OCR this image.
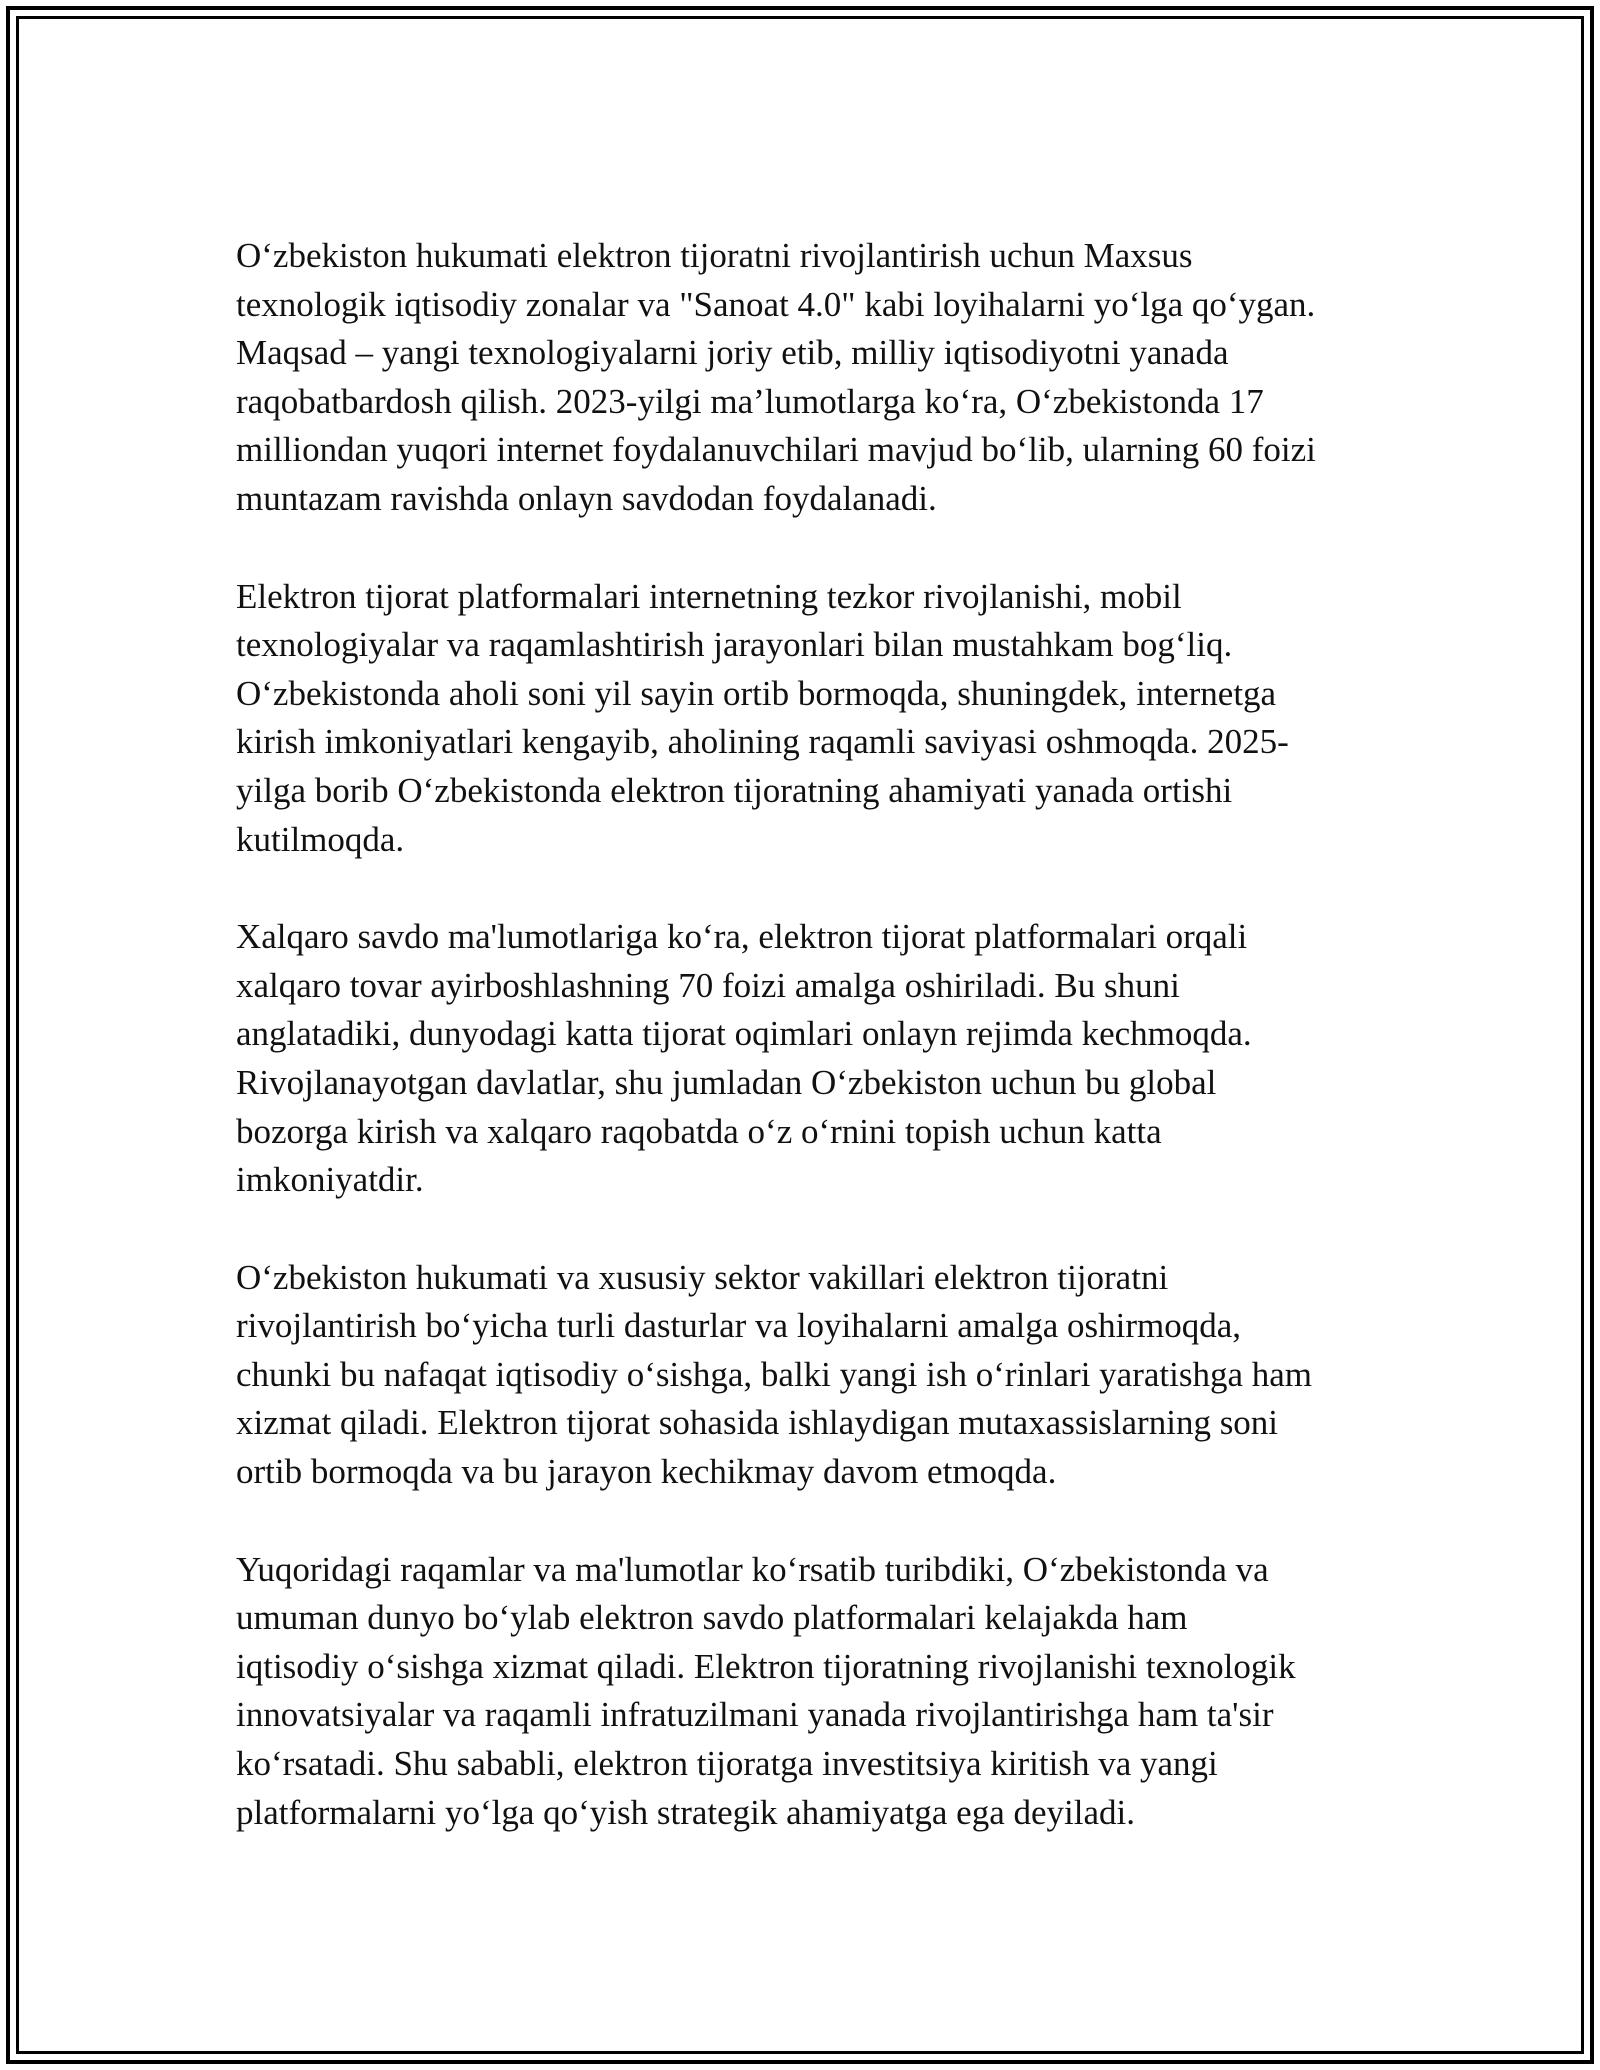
O‘zbekiston hukumati elektron tijoratni rivojlantirish uchun Maxsus
texnologik iqtisodiy zonalar va "Sanoat 4.0" kabi loyihalarni yo‘lga qo‘ygan.
Maqsad – yangi texnologiyalarni joriy etib, milliy iqtisodiyotni yanada
raqobatbardosh qilish. 2023-yilgi ma’lumotlarga ko‘ra, O‘zbekistonda 17
milliondan yuqori internet foydalanuvchilari mavjud bo‘lib, ularning 60 foizi
muntazam ravishda onlayn savdodan foydalanadi.

Elektron tijorat platformalari internetning tezkor rivojlanishi, mobil
texnologiyalar va raqamlashtirish jarayonlari bilan mustahkam bog‘liq.
O‘zbekistonda aholi soni yil sayin ortib bormoqda, shuningdek, internetga
kirish imkoniyatlari kengayib, aholining raqamli saviyasi oshmoqda. 2025-
yilga borib O‘zbekistonda elektron tijoratning ahamiyati yanada ortishi
kutilmoqda.

Xalqaro savdo ma'lumotlariga ko‘ra, elektron tijorat platformalari orqali
xalqaro tovar ayirboshlashning 70 foizi amalga oshiriladi. Bu shuni
anglatadiki, dunyodagi katta tijorat oqimlari onlayn rejimda kechmoqda.
Rivojlanayotgan davlatlar, shu jumladan O‘zbekiston uchun bu global
bozorga kirish va xalqaro raqobatda o‘z o‘rnini topish uchun katta
imkoniyatdir.

O‘zbekiston hukumati va xususiy sektor vakillari elektron tijoratni
rivojlantirish bo‘yicha turli dasturlar va loyihalarni amalga oshirmoqda,
chunki bu nafaqat iqtisodiy o‘sishga, balki yangi ish o‘rinlari yaratishga ham
xizmat qiladi. Elektron tijorat sohasida ishlaydigan mutaxassislarning soni
ortib bormoqda va bu jarayon kechikmay davom etmoqda.

Yuqoridagi raqamlar va ma'lumotlar ko‘rsatib turibdiki, O‘zbekistonda va
umuman dunyo bo‘ylab elektron savdo platformalari kelajakda ham
iqtisodiy o‘sishga xizmat qiladi. Elektron tijoratning rivojlanishi texnologik
innovatsiyalar va raqamli infratuzilmani yanada rivojlantirishga ham ta'sir
ko‘rsatadi. Shu sababli, elektron tijoratga investitsiya kiritish va yangi
platformalarni yo‘lga qo‘yish strategik ahamiyatga ega deyiladi.
